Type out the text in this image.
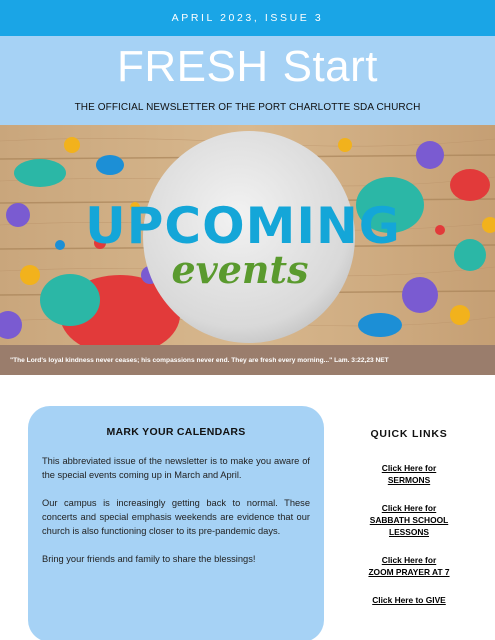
APRIL 2023, ISSUE 3
FRESH Start
THE OFFICIAL NEWSLETTER OF THE PORT CHARLOTTE SDA CHURCH
UPCOMING
events
"The Lord's loyal kindness never ceases; his compassions never end. They are fresh every morning..." Lam. 3:22,23 NET
MARK YOUR CALENDARS

This abbreviated issue of the newsletter is to make you aware of the special events coming up in March and April.

Our campus is increasingly getting back to normal. These concerts and special emphasis weekends are evidence that our church is also functioning closer to its pre-pandemic days.

Bring your friends and family to share the blessings!

QUICK LINKS
Click Here for
SERMONS
Click Here for
SABBATH SCHOOL
LESSONS
Click Here for
ZOOM PRAYER AT 7
Click Here to GIVE
